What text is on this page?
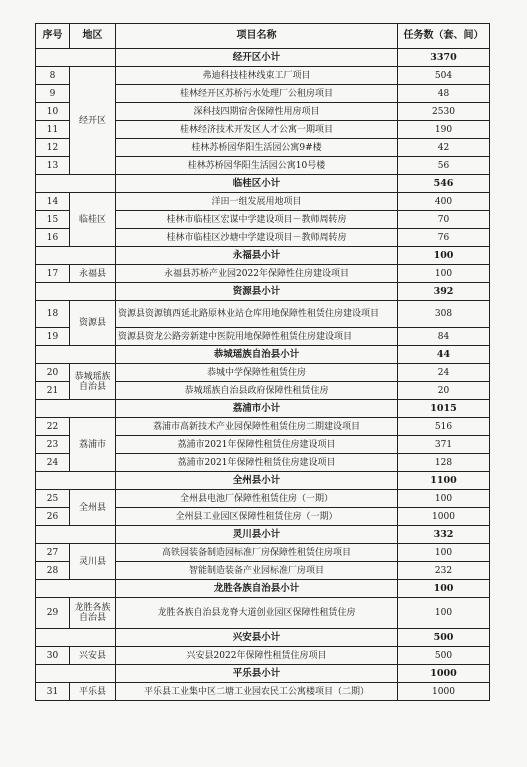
序号	地区	项目名称	任务数（套、间）
		经开区小计	3370
8	经开区	弗迪科技桂林线束工厂项目	504
9		桂林经开区苏桥污水处理厂公租房项目	48
10		深科技四期宿舍保障性用房项目	2530
11		桂林经济技术开发区人才公寓一期项目	190
12		桂林苏桥园华阳生活园公寓9#楼	42
13		桂林苏桥园华阳生活园公寓10号楼	56
		临桂区小计	546
14	临桂区	洋田一组发展用地项目	400
15		桂林市临桂区宏谋中学建设项目－教师周转房	70
16		桂林市临桂区沙塘中学建设项目－教师周转房	76
		永福县小计	100
17	永福县	永福县苏桥产业园2022年保障性住房建设项目	100
		资源县小计	392
18	资源县	资源县资源镇西延北路原林业站仓库用地保障性租赁住房建设项目	308
19		资源县资龙公路旁新建中医院用地保障性租赁住房建设项目	84
		恭城瑶族自治县小计	44
20	恭城瑶族自治县	恭城中学保障性租赁住房	24
21		恭城瑶族自治县政府保障性租赁住房	20
		荔浦市小计	1015
22	荔浦市	荔浦市高新技术产业园保障性租赁住房二期建设项目	516
23		荔浦市2021年保障性租赁住房建设项目	371
24		荔浦市2021年保障性租赁住房建设项目	128
		全州县小计	1100
25	全州县	全州县电池厂保障性租赁住房（一期）	100
26		全州县工业园区保障性租赁住房（一期）	1000
		灵川县小计	332
27	灵川县	高铁园装备制造园标准厂房保障性租赁住房项目	100
28		智能制造装备产业园标准厂房项目	232
		龙胜各族自治县小计	100
29	龙胜各族自治县	龙胜各族自治县龙脊大道创业园区保障性租赁住房	100
		兴安县小计	500
30	兴安县	兴安县2022年保障性租赁住房项目	500
		平乐县小计	1000
31	平乐县	平乐县工业集中区二塘工业园农民工公寓楼项目（二期）	1000
